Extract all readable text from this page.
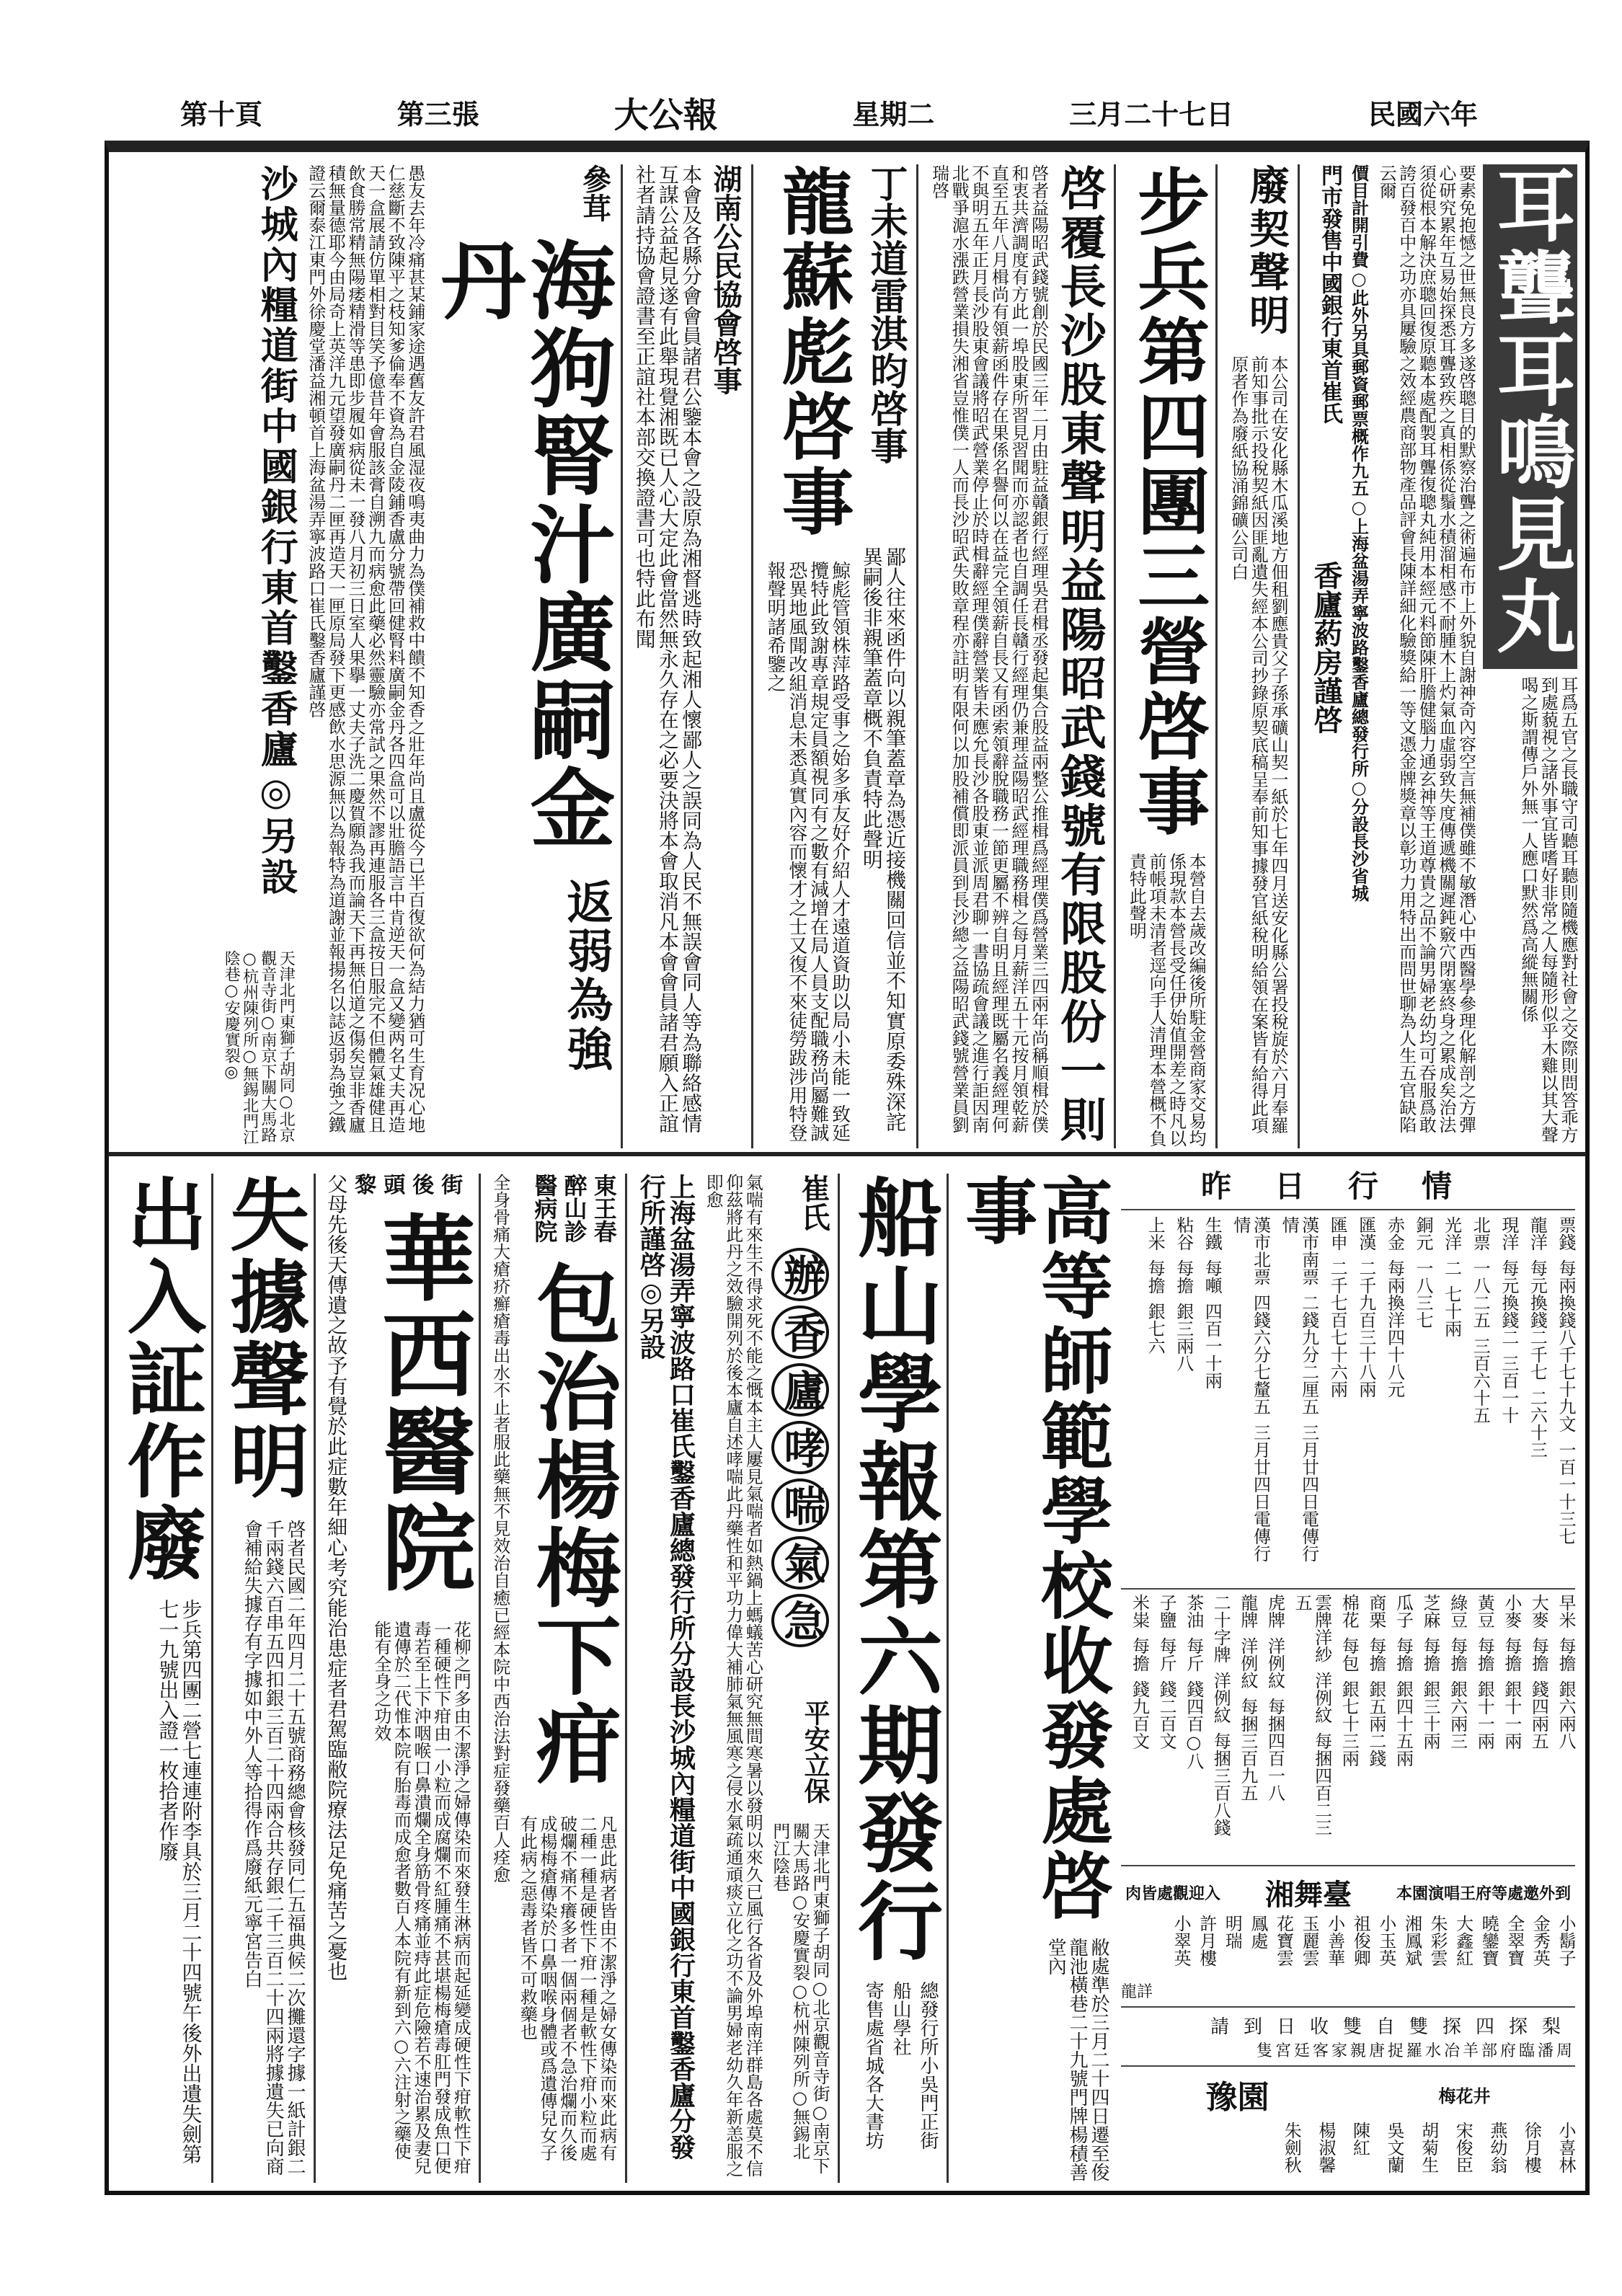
民國六年
三月二十七日
星期二
大公報
第三張
第十頁
耳聾耳鳴見丸
耳爲五官之長職守司聽耳聽則隨機應對社會之交際則問答乖方到處藐視之諸外事宜皆嗜好非常之人每隨形似乎木雞以其大聲喝之斯謂傳戶外無一人應口默然爲高縱無關係
要素免抱憾之世無良方多遂啓聰目的默察治聾之術遍布市上外貌自謝神奇內容空言無補僕雖不敏潛心中西醫學參理化解剖之方彈心研究累年互易始探悉耳聾致疾之真相係從鬚水積溜相感不耐腫木上灼氣血虛弱致失度傳遞機關遲鈍竅穴閉塞終身之累成矣治法須從根本解決庶聰回復原聽本處配製耳聾復聰丸純用本經元料節陳肝膽健腦力通玄神等王道尊貴之品不論男婦老幼均可吞服爲敢誇百發百中之功亦具屢驗之效經農商部物產品評會長陳詳細化驗獎給一等文憑金牌獎章以彰功力用特出而問世聊為人生五官缺陷云爾
價目計開引費○此外另具郵資郵票概作九五○上海盆湯弄寧波路鑿香廬總發行所○分設長沙省城
門市發售中國銀行東首崔氏
香廬葯房謹啓
廢契聲明
本公司在安化縣木瓜溪地方佃租劉應貴父子孫承礦山契一紙於七年四月送安化縣公署投稅旋於六月奉羅前知事批示投稅契紙因匪亂遺失經本公司抄錄原契底稿呈奉前知事據發官紙稅明給領在案皆有給得此項原者作為廢紙協涌錦礦公司白
步兵第四團三營啓事
本營自去歲改編後所駐金營商家交易均係現款本營長受任伊始值開差之時凡以前帳項未清者逕向手人清理本營概不負責特此聲明
啓覆長沙股東聲明益陽昭武錢號有限股份一則
啓者益陽昭武錢號創於民國三年二月由駐益贛銀行經理吳君楫丞發起集合股益兩整公推楫爲經理僕爲營業三四兩年尚稱順楫於僕和衷共濟調度有方此一埠股東所習見習聞而亦認者也自調任長贛行經理仍兼理益陽昭武經理職務楫之每月薪洋五十元按月領乾薪直至五年八月楫尚有領薪函件存在果係名譽何以在益完全領薪自長又有函索領辭脫職務一節更屬不辨自明且經理既屬名義經理何不與明五年正月長沙股東會議將昭武營業停止於時楫辭經理僕辭營業皆未應允長沙各股東並派周君聊一書協疏會議之進行詎因南北戰爭滬水漲跌營業損失湘省豈惟僕一人而長沙昭武失敗章程亦註明有限何以加股補償即派員到長沙總之益陽昭武錢號營業員劉瑞啓
丁未道雷淇昀啓事
鄙人往來函件向以親筆蓋章為憑近接機關回信並不知實原委殊深詫異嗣後非親筆蓋章概不負責特此聲明
龍蘇彪啓事
鯨彪管領株萍路受事之始多承友好介紹人才遠道資助以局小未能一致延攬特此致謝專章規定員額視同有之數有減增在局人員支配職務尚屬難誠恐異地風聞改組消息未悉真實內容而懷才之士又復不來徒勞跋涉用特登報聲明諸希鑒之
湖南公民協會啓事
本會及各縣分會會員諸君公鑒本會之設原為湘督逃時致起湘人懷鄙人之誤同為人民不無誤會同人等為聯絡感情互謀公益起見遂有此舉現覺湘既已人心大定此會當然無永久存在之必要決將本會取消凡本會會員諸君願入正誼社者請持協會證書至正誼社本部交換證書可也特此布聞
參茸
海狗腎汁廣嗣金丹
返弱為強
愚友去年冷痛甚某鋪家途遇舊友許君風湿夜鳴夷曲力為僕補救中饋不知香之壯年尚且盧從今已半百復欲何為結力猶可生育况心地仁慈斷不致陳平之枝知爹倫奉不資為自金陵鋪香盧分號帶回健腎料廣嗣金丹各四盒可以壯膽語言中肯逆天一盒又變两名丈夫再造天一盒展請仿單相對目笑予億昔年會服該膏自溯九而病愈此藥必然靈驗亦常試之果然不謬再連服各三盒按日服完不但體氣雄健且飲食勝常精無陽痿精滑等患即步履如病從未一發八月初三日室人果擧一丈夫子洗二慶賀願為我而論天下再無伯道之傷矣豈非香廬積無量德耶今由局奇上英洋九元望發廣嗣丹二匣再造天一匣原局發下更感飲水思源無以為報特為道謝並報揚名以誌返弱為強之鐵證云爾泰江東門外徐慶堂潘益湘頓首上海盆湯弄寧波路口崔氏鑿香廬謹啓
沙城內糧道街中國銀行東首鑿香廬◎另設
天津北門東獅子胡同○北京觀音寺街○南京下關大馬路○杭州陳列所○無錫北門江陰巷○安慶實裂◎
昨日行情
票錢每兩換錢八千七十九文一百一十三七
龍洋每元換錢二千七二六十三
現洋每元換錢二三百一十
北票一八二五三百六十五
光洋二七十兩
銅元一八三七
赤金每兩換洋四十八元
匯漢二千九百三十八兩
匯申二千七百七十六兩
漢市南票二錢九分二厘五三月廿四日電傳行情
漢市北票四錢六分七釐五三月廿四日電傳行情
生鐵每噸四百一十兩
粘谷每擔銀三兩八
上米每擔銀七六
早米每擔銀六兩八
大麥每擔錢四兩五
小麥每擔銀十一兩
黃豆每擔銀十一兩
綠豆每擔銀六兩三
芝麻每擔銀三十兩
瓜子每擔銀四十五兩
商栗每擔銀五兩二錢
棉花每包銀七十三兩
雲牌洋紗洋例紋每捆四百二三五
虎牌洋例紋每捆四百一八
龍牌洋例紋每捆三百九五
二十字牌洋例紋每捆三百八錢
茶油每斤錢四百○八
子鹽每斤錢二百文
米粜每擔錢九百文
肉皆處觀迎入 湘舞臺	本園演唱王府等處邀外到
小鬍子
金秀英
全翠寶
曉鑾寶
大鑫紅
朱彩雲
湘鳳斌
小玉英
祖俊卿
小善華
玉麗雲
花寶雲
鳳處
明瑞
許月樓
小翠英
龍詳
請到日收雙自雙探四探梨
隻宮廷客家親唐捉羅水冶羊部府臨潘周
豫園	梅花井
小喜林
徐月樓
燕幼翁
宋俊臣
胡菊生
吳文蘭
陳紅
楊淑馨
朱劍秋
高等師範學校收發處啓事
敝處準於三月二十四日遷至俊龍池橫巷二十九號門牌楊積善堂內
船山學報第六期發行
總發行所小吳門正街
船山學社
寄售處省城各大書坊
崔氏
辦香廬哮喘氣急
平安立保
天津北門東獅子胡同○北京觀音寺街○南京下關大馬路○安慶實裂○杭州陳列所○無錫北門江陰巷
氣喘有來生不得求死不能之慨本主人屢見氣喘者如熱鍋上螞蟻苦心研究無間寒暑以發明以來久已風行各省及外埠南洋群島各處莫不信仰茲將此丹之效驗開列於後本廬自述哮喘此丹藥性和平功力偉大補肺氣無風寒之侵水氣疏通頑痰立化之功不論男婦老幼久年新恙服之即愈
上海盆湯弄寧波路口崔氏鑿香廬總發行所分設長沙城內糧道街中國銀行東首鑿香廬分發行所謹啓◎另設
東王春
醉山診
醫病院
包治楊梅下疳
凡患此病者皆由不潔淨之婦女傳染而來此病有二種一種是硬性下疳一種是軟性下疳小粒而處破爛不痛不癢多者一個兩個者不急治爛而久後成楊梅瘡傳染於口鼻咽喉身體或爲遺傳兒女子有此病之惡毒者皆不可救藥也
全身骨痛大瘡疥癬瘡毒出水不止者服此藥無不見效治自癒已經本院中西治法對症發藥百人痊愈
黎頭後街
華西醫院
花柳之門多由不潔淨之婦傳染而來發生淋病而起延變成硬性下疳軟性下疳一種硬性下疳由一小粒而成腐爛不紅腫痛不甚堪楊梅瘡毒肛門發成魚口便毒若至上下沖咽喉口鼻潰爛全身筋骨疼痛並痔此症危險若不速治累及妻兒遺傳於二代惟本院有胎毒而成愈者數百人本院有新到六○六注射之藥使能有全身之功效
父母先後天傳遺之故予有覺於此症數年細心考究能治患症者君駕臨敝院療法足免痛苦之憂也
失據聲明
啓者民國二年四月二十五號商務總會核發同仁五福典候二次攤還字據一紙計銀二千兩錢六百串五四扣銀三百二十四兩合共存銀二千三百二十四兩將據遺失已向商會補給失據存有字據如中外人等拾得作爲廢紙元寧宮告白
出入証作廢
步兵第四團二營七連連附李具於三月二十四號午後外出遺失劍第七一九號出入證一枚拾者作廢
